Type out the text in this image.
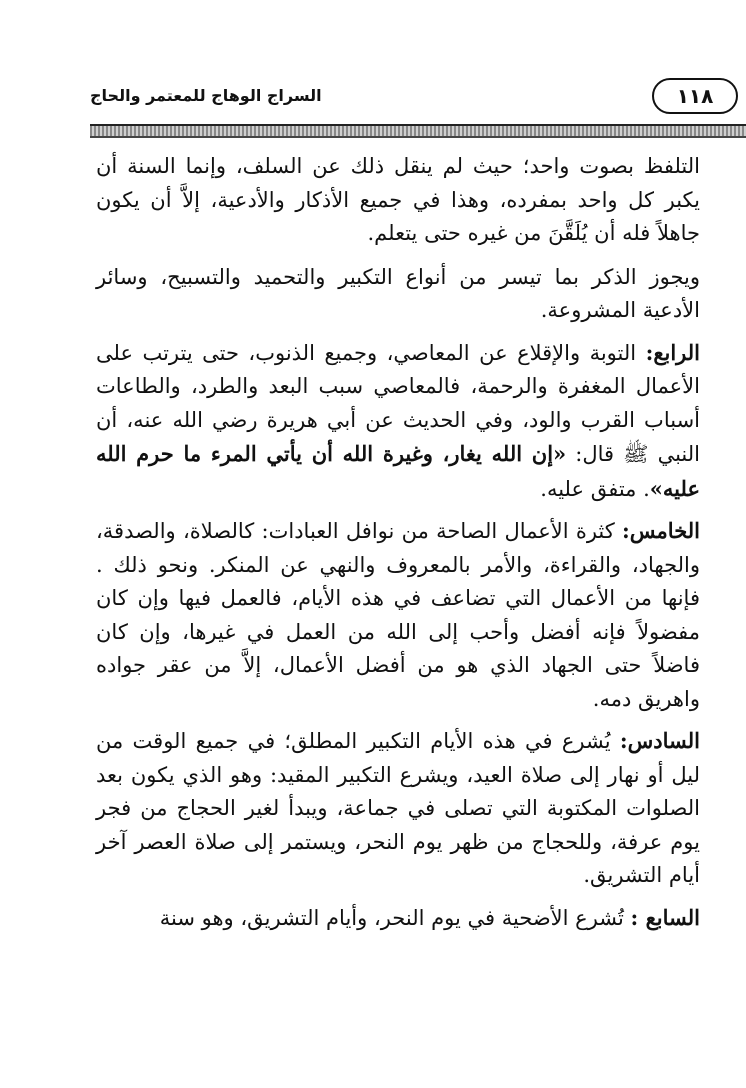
السراج الوهاج للمعتمر والحاج	١١٨

التلفظ بصوت واحد؛ حيث لم ينقل ذلك عن السلف، وإنما السنة أن يكبر كل واحد بمفرده، وهذا في جميع الأذكار والأدعية، إلاَّ أن يكون جاهلاً فله أن يُلَقَّنَ من غيره حتى يتعلم.

ويجوز الذكر بما تيسر من أنواع التكبير والتحميد والتسبيح، وسائر الأدعية المشروعة.

الرابع: التوبة والإقلاع عن المعاصي، وجميع الذنوب، حتى يترتب على الأعمال المغفرة والرحمة، فالمعاصي سبب البعد والطرد، والطاعات أسباب القرب والود، وفي الحديث عن أبي هريرة رضي الله عنه، أن النبي ﷺ قال: «إن الله يغار، وغيرة الله أن يأتي المرء ما حرم الله عليه». متفق عليه.

الخامس: كثرة الأعمال الصاحة من نوافل العبادات: كالصلاة، والصدقة، والجهاد، والقراءة، والأمر بالمعروف والنهي عن المنكر. ونحو ذلك . فإنها من الأعمال التي تضاعف في هذه الأيام، فالعمل فيها وإن كان مفضولاً فإنه أفضل وأحب إلى الله من العمل في غيرها، وإن كان فاضلاً حتى الجهاد الذي هو من أفضل الأعمال، إلاَّ من عقر جواده واهريق دمه.

السادس: يُشرع في هذه الأيام التكبير المطلق؛ في جميع الوقت من ليل أو نهار إلى صلاة العيد، ويشرع التكبير المقيد: وهو الذي يكون بعد الصلوات المكتوبة التي تصلى في جماعة، ويبدأ لغير الحجاج من فجر يوم عرفة، وللحجاج من ظهر يوم النحر، ويستمر إلى صلاة العصر آخر أيام التشريق.

السابع : تُشرع الأضحية في يوم النحر، وأيام التشريق، وهو سنة
